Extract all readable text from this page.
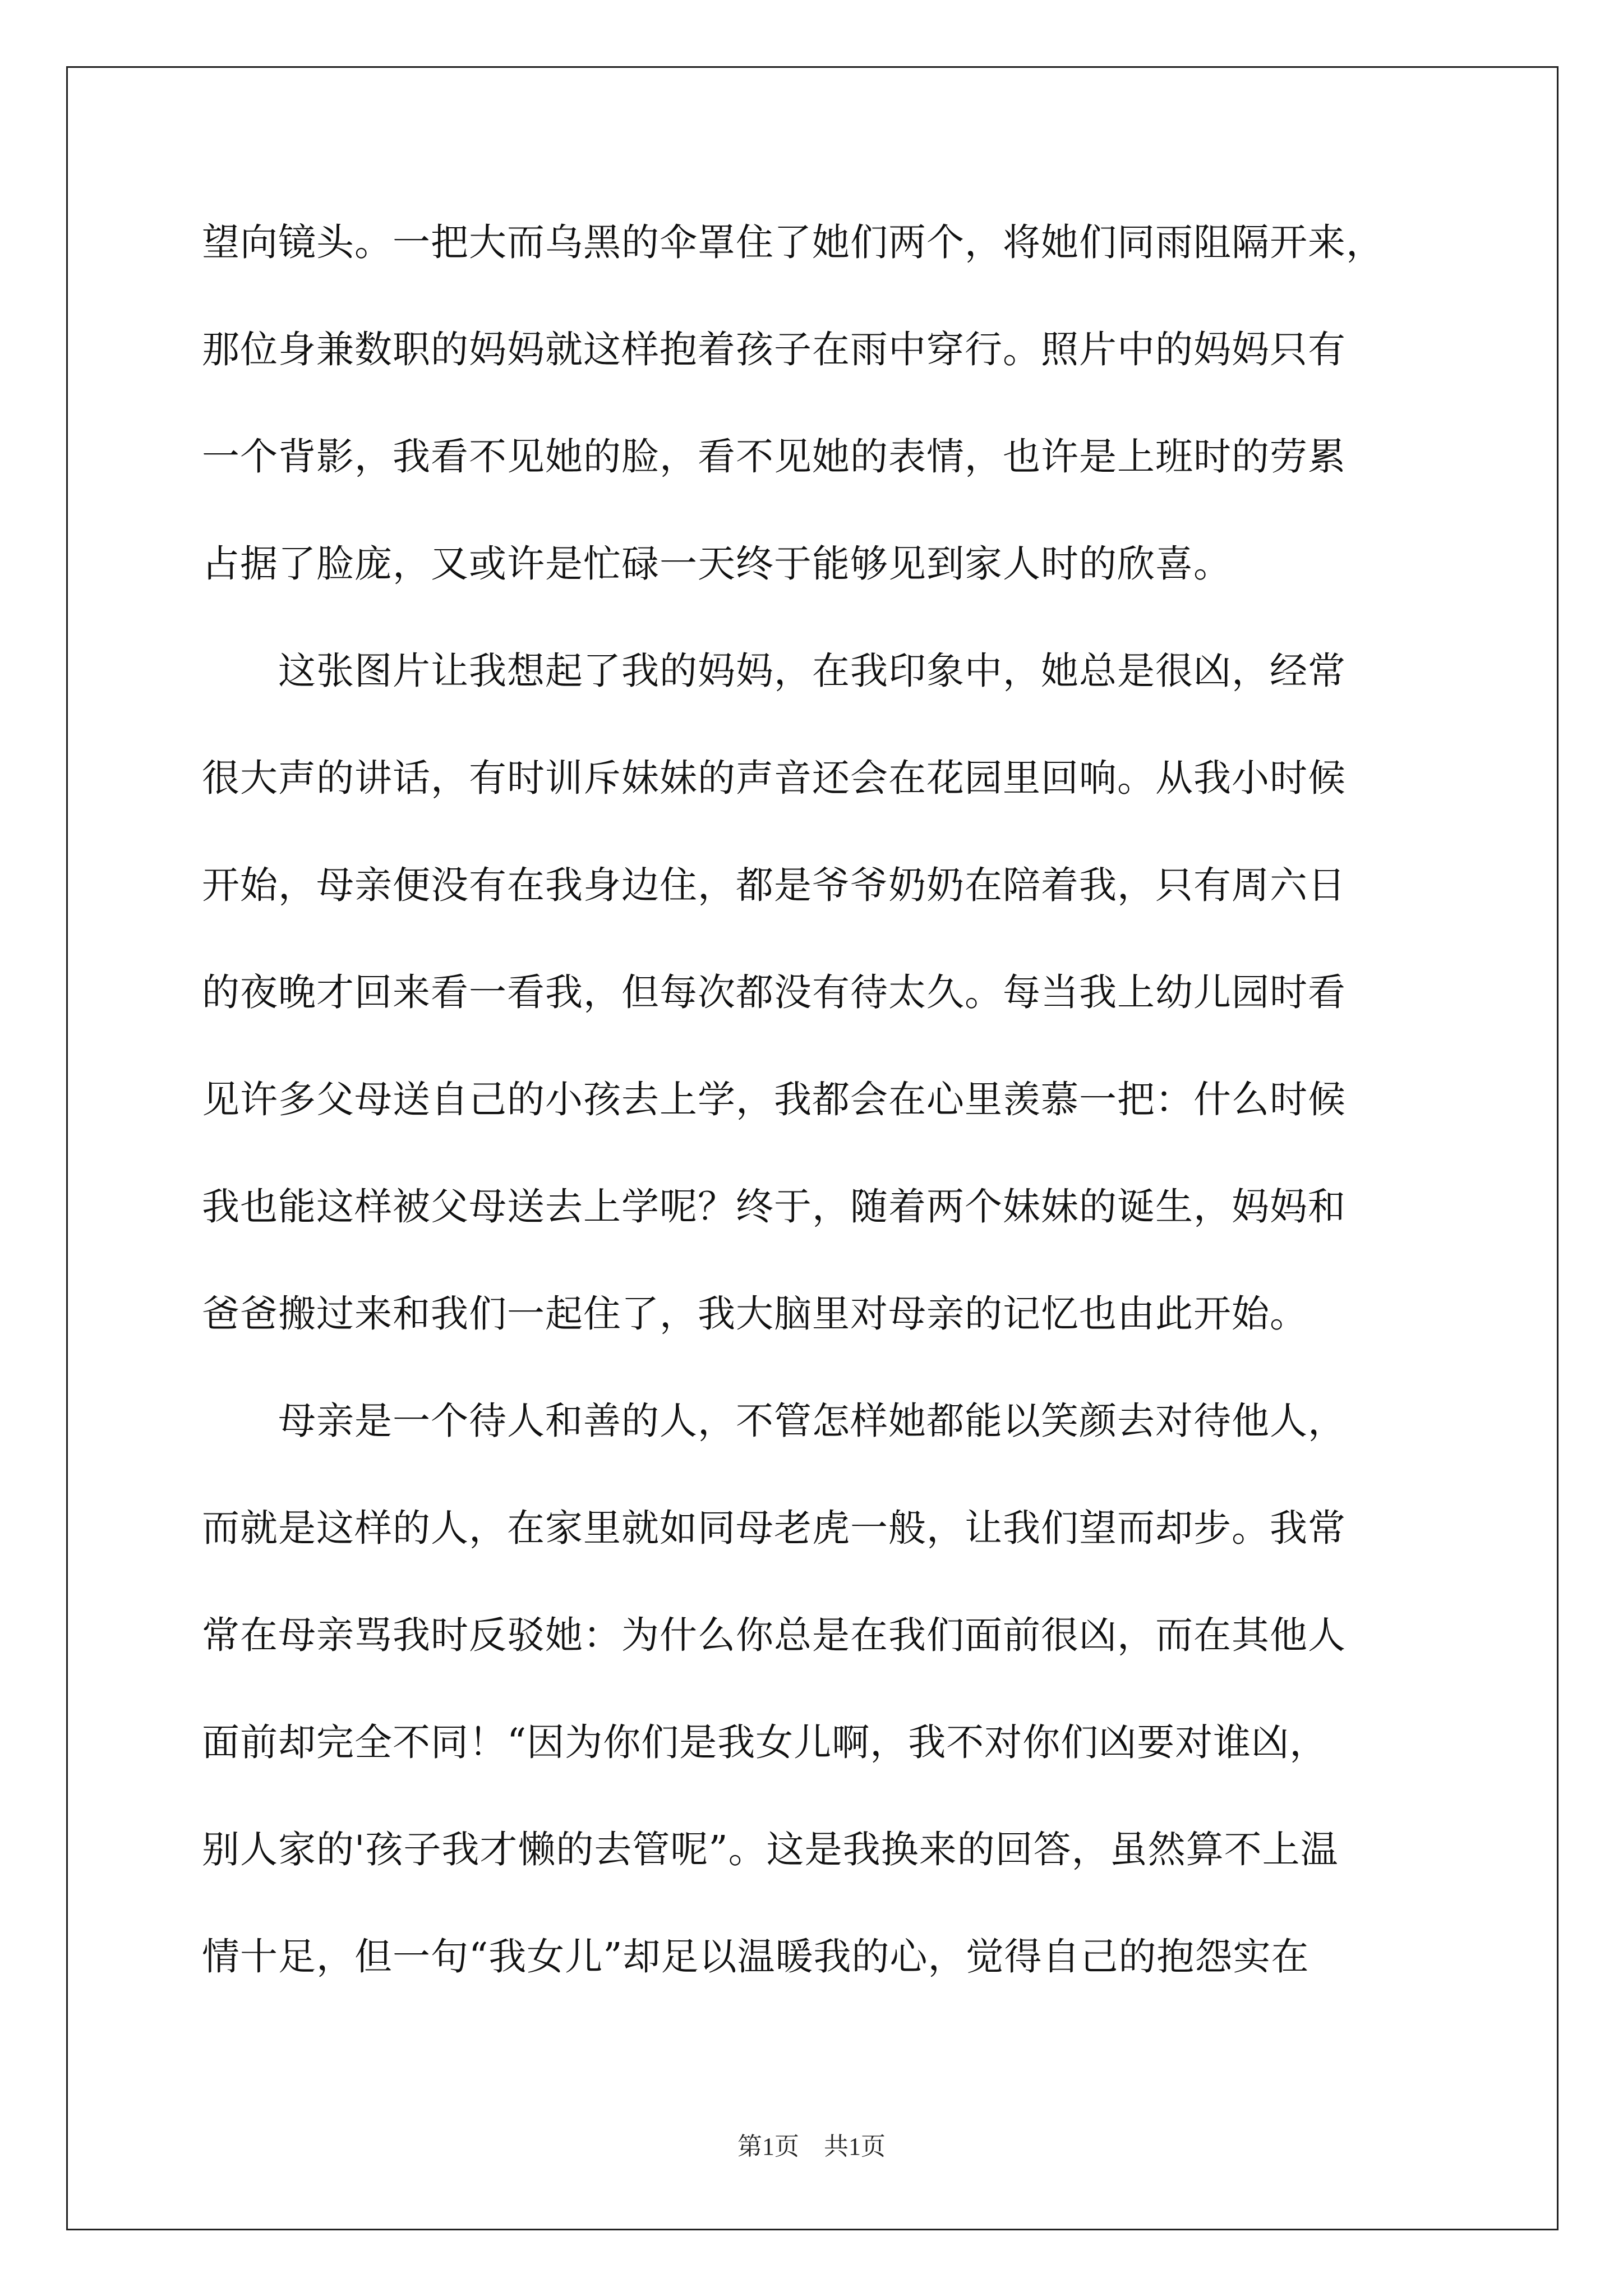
望向镜头。一把大而乌黑的伞罩住了她们两个，将她们同雨阻隔开来，
那位身兼数职的妈妈就这样抱着孩子在雨中穿行。照片中的妈妈只有
一个背影，我看不见她的脸，看不见她的表情，也许是上班时的劳累
占据了脸庞，又或许是忙碌一天终于能够见到家人时的欣喜。
　　这张图片让我想起了我的妈妈，在我印象中，她总是很凶，经常
很大声的讲话，有时训斥妹妹的声音还会在花园里回响。从我小时候
开始，母亲便没有在我身边住，都是爷爷奶奶在陪着我，只有周六日
的夜晚才回来看一看我，但每次都没有待太久。每当我上幼儿园时看
见许多父母送自己的小孩去上学，我都会在心里羡慕一把：什么时候
我也能这样被父母送去上学呢？终于，随着两个妹妹的诞生，妈妈和
爸爸搬过来和我们一起住了，我大脑里对母亲的记忆也由此开始。
　　母亲是一个待人和善的人，不管怎样她都能以笑颜去对待他人，
而就是这样的人，在家里就如同母老虎一般，让我们望而却步。我常
常在母亲骂我时反驳她：为什么你总是在我们面前很凶，而在其他人
面前却完全不同！“因为你们是我女儿啊，我不对你们凶要对谁凶，
别人家的'孩子我才懒的去管呢”。这是我换来的回答，虽然算不上温
情十足，但一句“我女儿”却足以温暖我的心，觉得自己的抱怨实在
第1页　共1页
